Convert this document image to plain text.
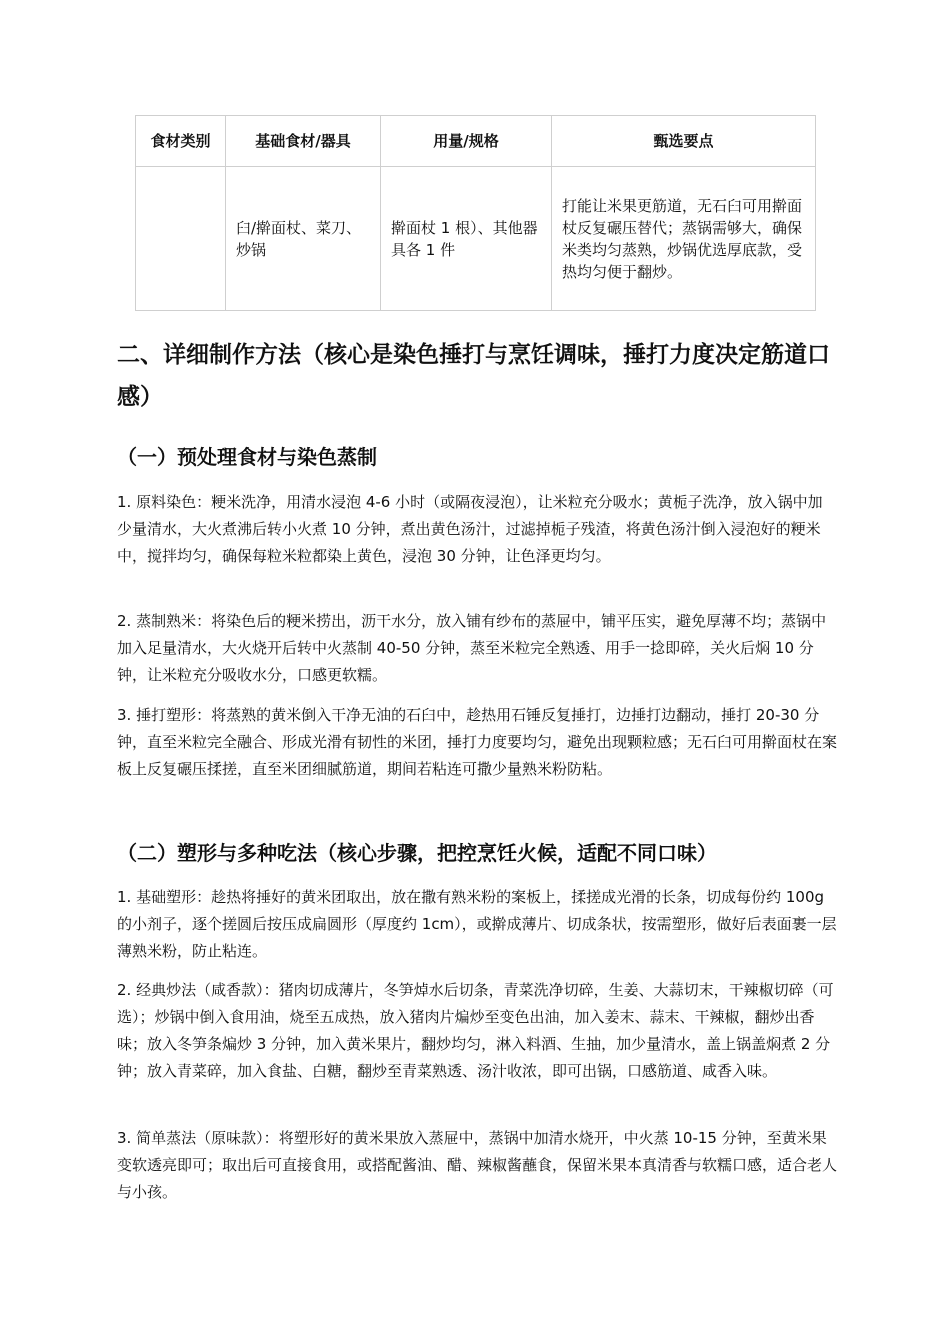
食材类别	基础食材/器具	用量/规格	甄选要点
	臼/擀面杖、菜刀、炒锅	擀面杖 1 根）、其他器具各 1 件	打能让米果更筋道，无石臼可用擀面杖反复碾压替代；蒸锅需够大，确保米类均匀蒸熟，炒锅优选厚底款，受热均匀便于翻炒。
二、详细制作方法（核心是染色捶打与烹饪调味，捶打力度决定筋道口感）
（一）预处理食材与染色蒸制

1. 原料染色：粳米洗净，用清水浸泡 4-6 小时（或隔夜浸泡），让米粒充分吸水；黄栀子洗净，放入锅中加少量清水，大火煮沸后转小火煮 10 分钟，煮出黄色汤汁，过滤掉栀子残渣，将黄色汤汁倒入浸泡好的粳米中，搅拌均匀，确保每粒米粒都染上黄色，浸泡 30 分钟，让色泽更均匀。

2. 蒸制熟米：将染色后的粳米捞出，沥干水分，放入铺有纱布的蒸屉中，铺平压实，避免厚薄不均；蒸锅中加入足量清水，大火烧开后转中火蒸制 40-50 分钟，蒸至米粒完全熟透、用手一捻即碎，关火后焖 10 分钟，让米粒充分吸收水分，口感更软糯。

3. 捶打塑形：将蒸熟的黄米倒入干净无油的石臼中，趁热用石锤反复捶打，边捶打边翻动，捶打 20-30 分钟，直至米粒完全融合、形成光滑有韧性的米团，捶打力度要均匀，避免出现颗粒感；无石臼可用擀面杖在案板上反复碾压揉搓，直至米团细腻筋道，期间若粘连可撒少量熟米粉防粘。

（二）塑形与多种吃法（核心步骤，把控烹饪火候，适配不同口味）

1. 基础塑形：趁热将捶好的黄米团取出，放在撒有熟米粉的案板上，揉搓成光滑的长条，切成每份约 100g 的小剂子，逐个搓圆后按压成扁圆形（厚度约 1cm），或擀成薄片、切成条状，按需塑形，做好后表面裹一层薄熟米粉，防止粘连。

2. 经典炒法（咸香款）：猪肉切成薄片，冬笋焯水后切条，青菜洗净切碎，生姜、大蒜切末，干辣椒切碎（可选）；炒锅中倒入食用油，烧至五成热，放入猪肉片煸炒至变色出油，加入姜末、蒜末、干辣椒，翻炒出香味；放入冬笋条煸炒 3 分钟，加入黄米果片，翻炒均匀，淋入料酒、生抽，加少量清水，盖上锅盖焖煮 2 分钟；放入青菜碎，加入食盐、白糖，翻炒至青菜熟透、汤汁收浓，即可出锅，口感筋道、咸香入味。

3. 简单蒸法（原味款）：将塑形好的黄米果放入蒸屉中，蒸锅中加清水烧开，中火蒸 10-15 分钟，至黄米果变软透亮即可；取出后可直接食用，或搭配酱油、醋、辣椒酱蘸食，保留米果本真清香与软糯口感，适合老人与小孩。
